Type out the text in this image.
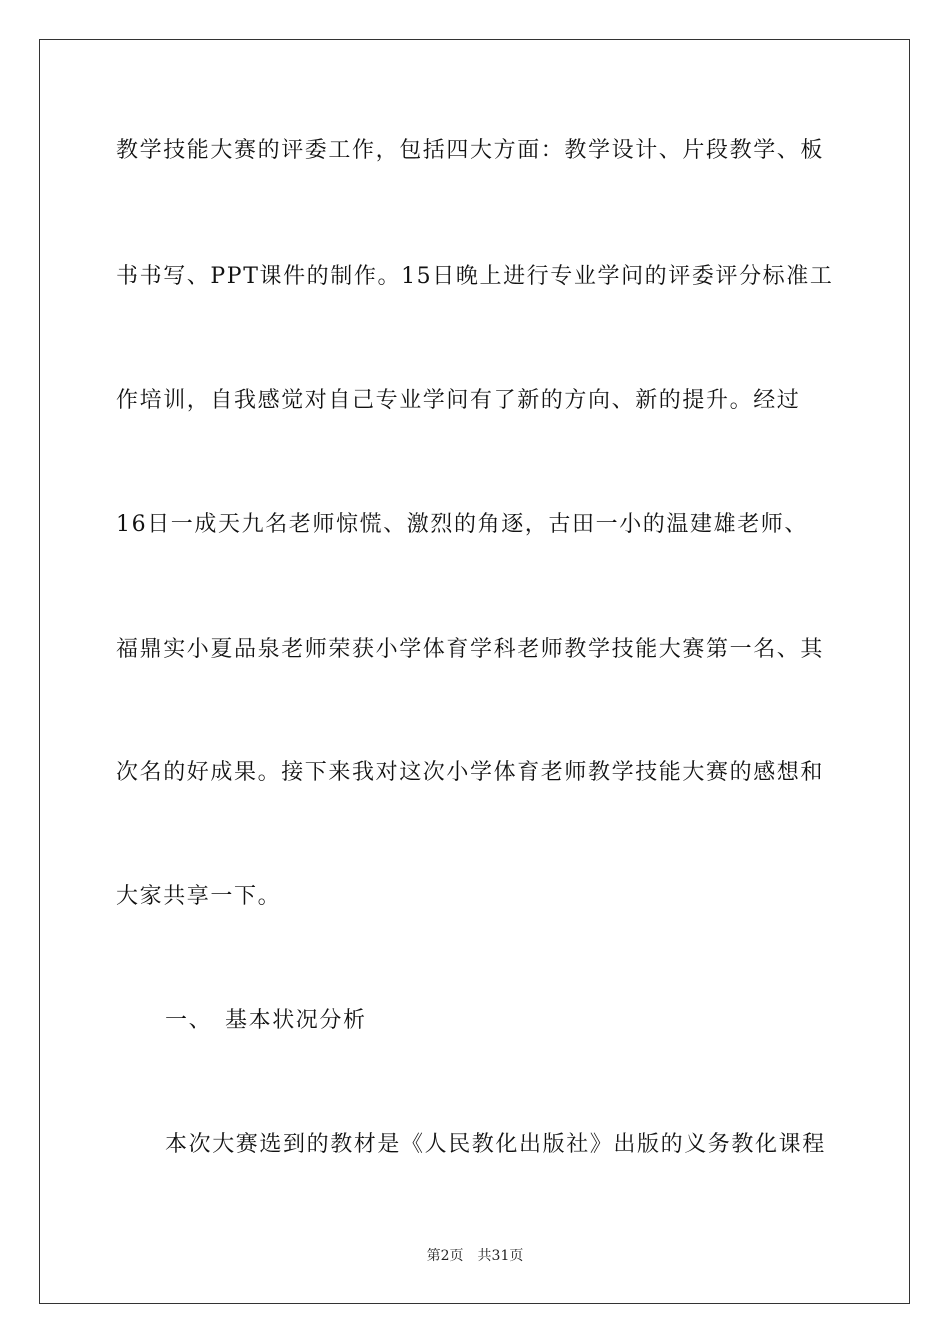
教学技能大赛的评委工作，包括四大方面：教学设计、片段教学、板
书书写、PPT课件的制作。15日晚上进行专业学问的评委评分标准工
作培训，自我感觉对自己专业学问有了新的方向、新的提升。经过
16日一成天九名老师惊慌、激烈的角逐，古田一小的温建雄老师、
福鼎实小夏品泉老师荣获小学体育学科老师教学技能大赛第一名、其
次名的好成果。接下来我对这次小学体育老师教学技能大赛的感想和
大家共享一下。
一、 基本状况分析
本次大赛选到的教材是《人民教化出版社》出版的义务教化课程
第2页 共31页
